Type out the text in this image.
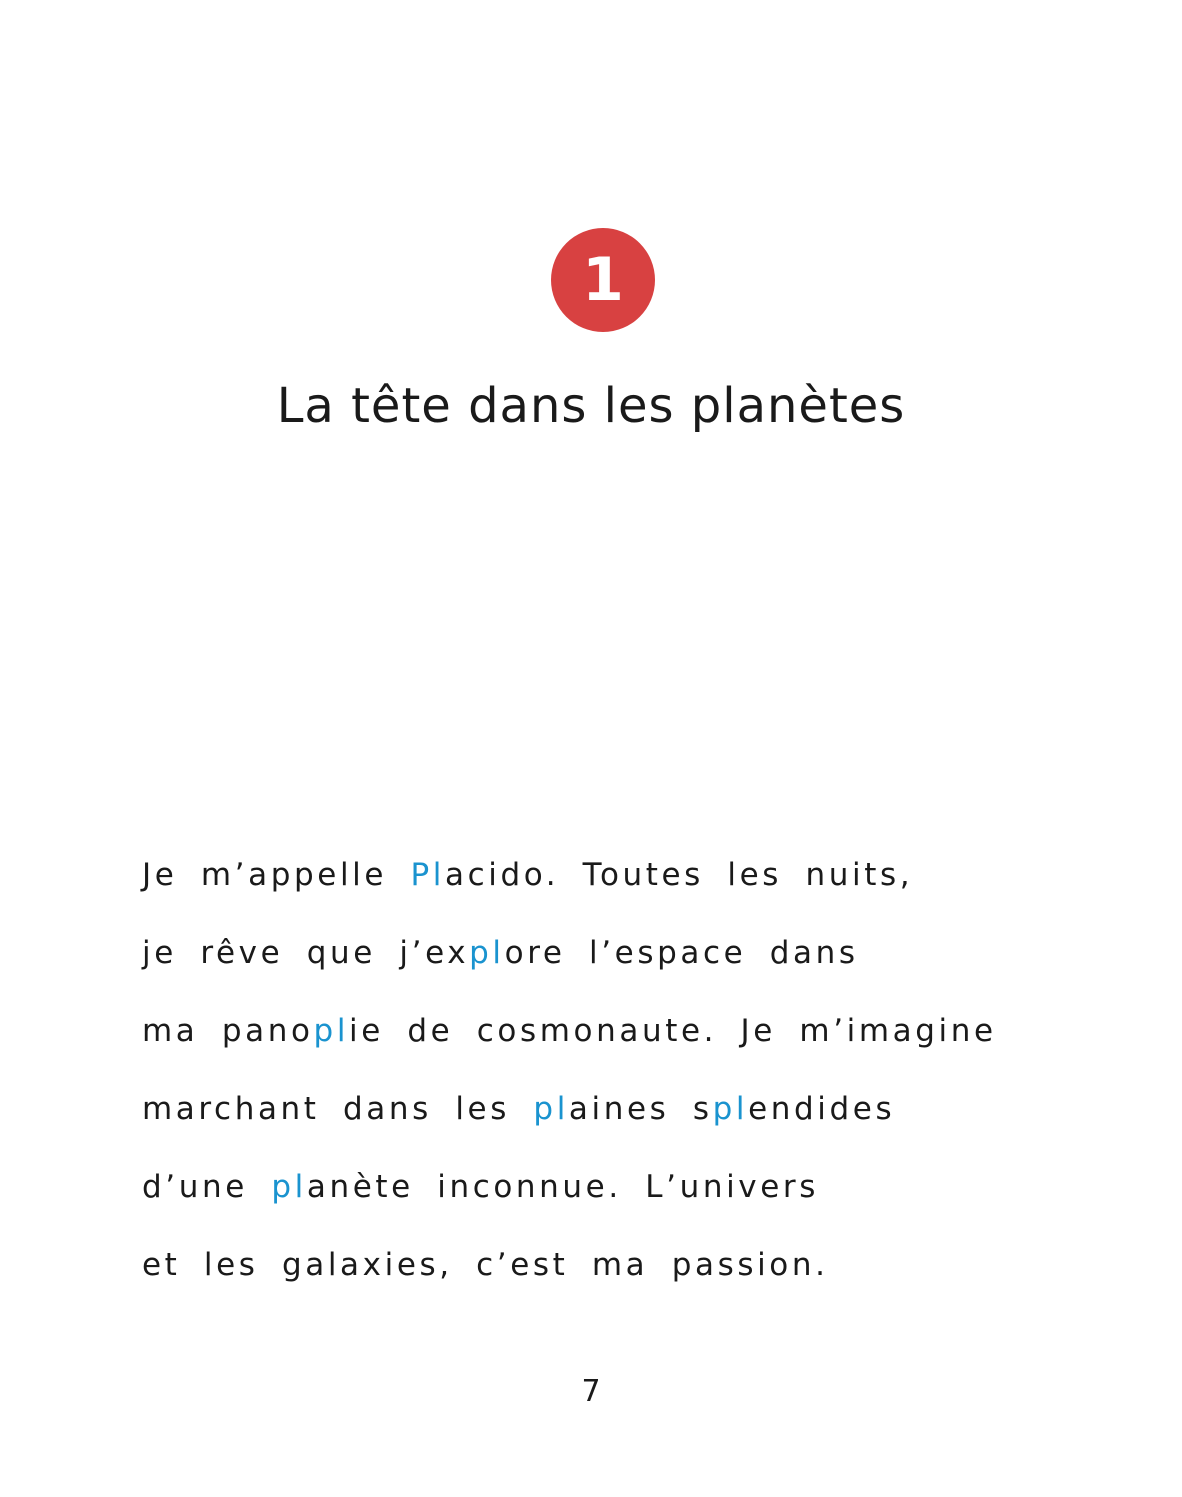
1
La tête dans les planètes
Je m’appelle Placido. Toutes les nuits,
je rêve que j’explore l’espace dans
ma panoplie de cosmonaute. Je m’imagine
marchant dans les plaines splendides
d’une planète inconnue. L’univers
et les galaxies, c’est ma passion.
7
